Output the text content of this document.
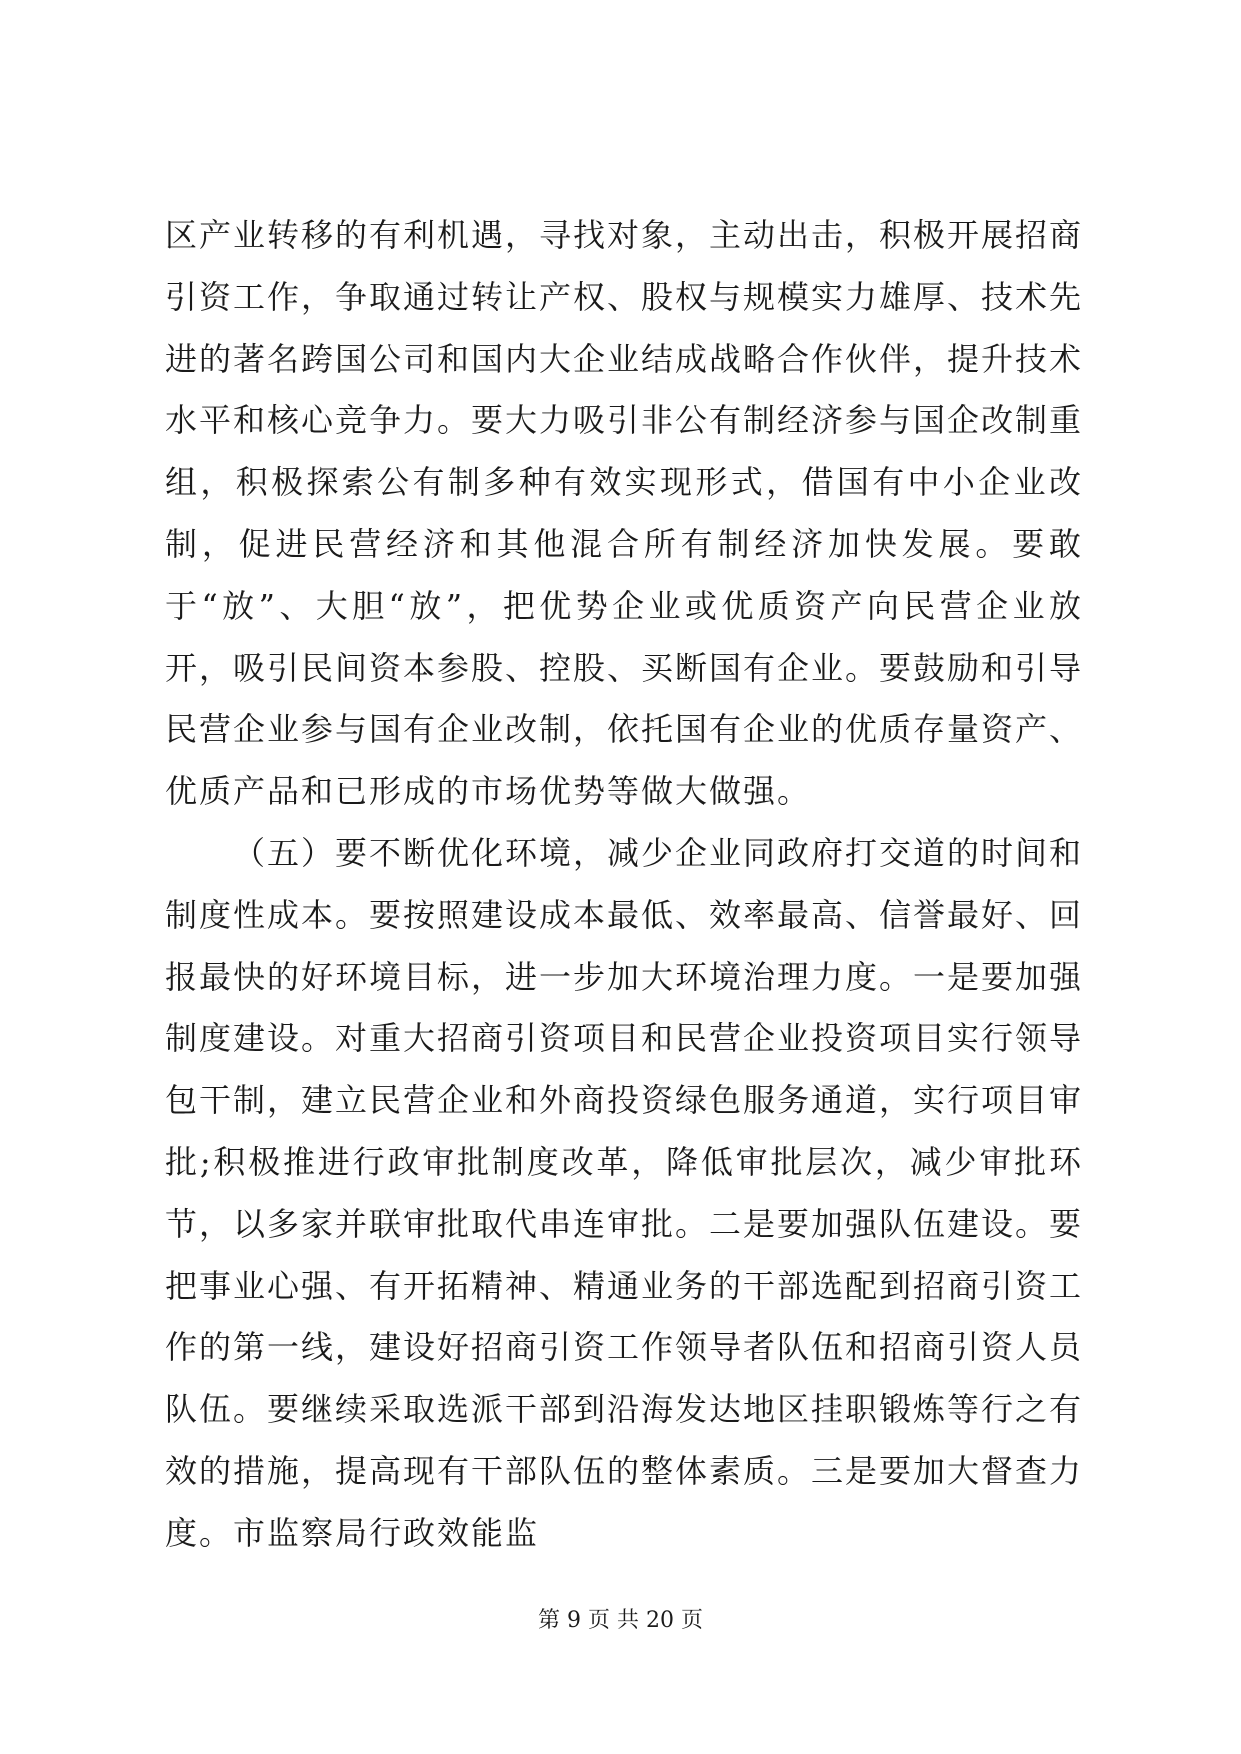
区产业转移的有利机遇，寻找对象，主动出击，积极开展招商引资工作，争取通过转让产权、股权与规模实力雄厚、技术先进的著名跨国公司和国内大企业结成战略合作伙伴，提升技术水平和核心竞争力。要大力吸引非公有制经济参与国企改制重组，积极探索公有制多种有效实现形式，借国有中小企业改制，促进民营经济和其他混合所有制经济加快发展。要敢于“放”、大胆“放”，把优势企业或优质资产向民营企业放开，吸引民间资本参股、控股、买断国有企业。要鼓励和引导民营企业参与国有企业改制，依托国有企业的优质存量资产、优质产品和已形成的市场优势等做大做强。

（五）要不断优化环境，减少企业同政府打交道的时间和制度性成本。要按照建设成本最低、效率最高、信誉最好、回报最快的好环境目标，进一步加大环境治理力度。一是要加强制度建设。对重大招商引资项目和民营企业投资项目实行领导包干制，建立民营企业和外商投资绿色服务通道，实行项目审批;积极推进行政审批制度改革，降低审批层次，减少审批环节，以多家并联审批取代串连审批。二是要加强队伍建设。要把事业心强、有开拓精神、精通业务的干部选配到招商引资工作的第一线，建设好招商引资工作领导者队伍和招商引资人员队伍。要继续采取选派干部到沿海发达地区挂职锻炼等行之有效的措施，提高现有干部队伍的整体素质。三是要加大督查力度。市监察局行政效能监

第 9 页 共 20 页
